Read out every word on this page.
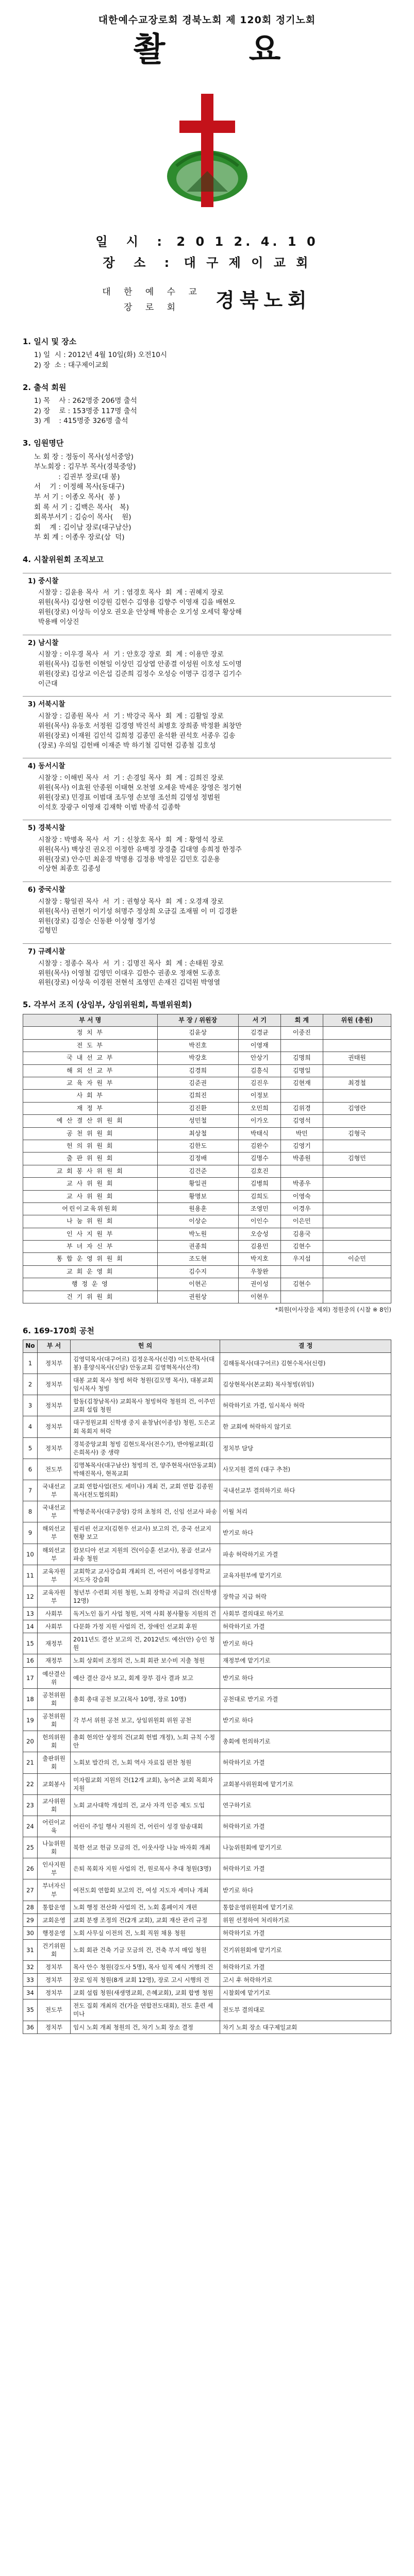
대한예수교장로회 경북노회 제 120회 정기노회
촬 요
일 시 : 2 0 1 2. 4. 1 0
장 소 : 대 구 제 이 교 회
대 한 예 수 교
장 로 회	경북노회
1. 일시 및 장소
1) 일  시 : 2012년 4월 10일(화) 오전10시
2) 장  소 : 대구제이교회
2. 출석 회원
1) 목    사 : 262명중 206명 출석
2) 장    로 : 153명중 117명 출석
3) 계    : 415명중 326명 출석
3. 임원명단
노 회 장 : 정동이 목사(성서중앙)
부노회장 : 김무부 목사(경북중앙)
: 김권부 장로(대 봉)
서    기 : 이정해 목사(동대구)
부 서 기 : 이종오 목사(  봉 )
회 록 서 기 : 김백은 목사(   복)
회록부서기 : 김승이 목사(    원)
회    계 : 김이남 장로(대구남산)
부 회 계 : 이종우 장로(삼  덕)
4. 시찰위원회 조직보고
1) 중시찰
시찰장 : 김윤용 목사  서  기 : 염경호 목사  회  계 : 권혜지 장로
위원(목사) 김상현 이강원 김헌수 김영용 김향주 이영재 김을 배현오
위원(장로) 이상득 이상오 권오윤 안상해 박용순 오기성 오세덕 황상해
박용배 이상진
2) 남시찰
시찰장 : 이우경 목사  서  기 : 안호강 장로  회  계 : 이용만 장로
위원(목사) 김동헌 이현일 이상민 김상엽 안종결 이성원 이호성 도이명
위원(장로) 김상교 이은섭 김준희 김정수 오성승 이명구 김경구 김기수
이근대
3) 서북시찰
시찰장 : 김종원 목사  서  기 : 박강국 목사  회  계 : 김활일 장로
위원(목사) 유동호 서정원 김경영 박진석 최병호 장희종 박정환 최창만
위원(장로) 이재원 김인석 김희정 김종민 윤석환 권석호 서종우 김송
(장로) 우의일 김헌배 이재준 박 하기철 김덕현 김종철 김호성
4) 동서시찰
시찰장 : 이해빈 목사  서  기 : 손경일 목사  회  계 : 김희진 장로
위원(목사) 이효원 안종원 이태현 오천열 오세윤 박세운 장영은 정기현
위원(장로) 민경표 이범대 조두영 손보영 조선희 김영성 정범원
이석호 장광구 이영재 김재학 이범 박종석 김종학
5) 경북시찰
시찰장 : 박병옥 목사  서  기 : 신창호 목사  회  계 : 황영석 장로
위원(목사) 백상진 권오진 이정한 유백정 장경출 김대영 송희정 한정주
위원(장로) 안수민 최윤경 박명용 김정용 박정문 김민호 김운용
이상현 최종호 김종성
6) 중국시찰
시찰장 : 황일권 목사  서  기 : 권형상 목사  회  계 : 오경재 장로
위원(목사) 권현기 이기성 허명주 정상희 오금길 조재필 이 미 김경환
위원(장로) 김정순 신동환 이상형 정기성
김형민
7) 규례시찰
시찰장 : 정종수 목사  서  기 : 김명진 목사  회  계 : 손태원 장로
위원(목사) 이영철 김영민 이대우 김한수 권종오 정재현 도종호
위원(장로) 이상욱 이경원 전현석 조영민 손재진 김덕원 박영열
5. 각부서 조직 (상임부, 상임위원회, 특별위원회)
부 서 명	부 장 / 위원장	서 기	회 계	위원 (총원)
정 치 부	김윤상	김경균	이중진	
전 도 부	박진호	이영재		
국 내 선 교 부	박강호	안상기	김명희	권태원
해 외 선 교 부	김경희	김흥식	김명일	
교 육 자 원 부	김준권	김진우	김현재	최경철
사 회 부	김희진	이정보		
재 정 부	김진환	오민희	김위경	김영란
예 산 결 산 위 원 회	성민철	이가오	김영석	
공 천 위 원 회	최상철	박태식	박민	김형국
헌 의 위 원 회	김한도	김완수	김영기	
출 판 위 원 회	김정배	김명수	박종원	김형민
교 회 봉 사 위 원 회	김건준	김호진		
교 사 위 원 회	황일권	김병희	박종우	
교 사 위 원 회	황명보	김희도	이영숙	
어린이교육위원회	원용훈	조영민	이경우	
나 눔 위 원 회	이상순	이인수	이은민	
인 사 지 원 부	박노원	오승성	김용국	
부 녀 자 신 부	권종희	김용민	김현수	
통 합 운 영 위 원 회	조도현	박지호	우지섭	이순민
교 회 운 영 회	김수지	우창완		
행 정 운 영	이현곤	권이성	김현수	
건 기 위 원 회	권원상	이현우		
*회원(이사장을 제외) 정원중의 (시찰 ※ 8인)
6. 169-170회 공천
No	부 서	헌 의	결 정
1	정치부	김영덕목사(대구어르) 김정운목사(신령) 이도한목사(대봉) 홍양식목사(신당) 안동교회 김영혁목사(산격)	김해동목사(대구어르) 김현수목사(신령)
2	정치부	대봉 교회 목사 청빙 허락 청원(김모명 목사), 대봉교회 임시목사 청빙	김상현목사(본교회) 목사청빙(위임)
3	정치부	합동(김창남목사) 교회목사 청빙허락 청원의 건, 이주민 교회 설립 청원	허락하기로 가결, 임시목사 허락
4	정치부	대구정원교회 신학생 중지 윤창남(이종성) 청원, 도은교회 목회지 허락	한 교회에 허락하지 않기로
5	정치부	경북중앙교회 청빙 김현도목사(전수기), 반야월교회(김은희목사) 중 생략	정치부 담당
6	전도부	김명복목사(대구남산) 청빙의 건, 양주현목사(안동교회) 박해진목사, 현목교회	사모지원 결의 (대구 추천)
7	국내선교부	교회 연합사업(전도 세미나) 개최 건, 교회 연합 김종원 목사(전도협의회)	국내선교부 결의하기로 하다
8	국내선교부	박형준목사(대구중앙) 강의 초청의 건, 신임 선교사 파송	이월 처리
9	해외선교부	필리핀 선교지(김현우 선교사) 보고의 건, 중국 선교지 현황 보고	받기로 하다
10	해외선교부	캄보디아 선교 지원의 건(이승훈 선교사), 몽골 선교사 파송 청원	파송 허락하기로 가결
11	교육자원부	교회학교 교사강습회 개최의 건, 어린이 여름성경학교 지도자 강습회	교육자원부에 맡기기로
12	교육자원부	청년부 수련회 지원 청원, 노회 장학금 지급의 건(신학생 12명)	장학금 지급 허락
13	사회부	독거노인 돕기 사업 청원, 지역 사회 봉사활동 지원의 건	사회부 결의대로 하기로
14	사회부	다문화 가정 지원 사업의 건, 장애인 선교회 후원	허락하기로 가결
15	재정부	2011년도 결산 보고의 건, 2012년도 예산(안) 승인 청원	받기로 하다
16	재정부	노회 상회비 조정의 건, 노회 회관 보수비 지출 청원	재정부에 맡기기로
17	예산결산위	예산 결산 감사 보고, 회계 장부 검사 결과 보고	받기로 하다
18	공천위원회	총회 총대 공천 보고(목사 10명, 장로 10명)	공천대로 받기로 가결
19	공천위원회	각 부서 위원 공천 보고, 상임위원회 위원 공천	받기로 하다
20	헌의위원회	총회 헌의안 상정의 건(교회 헌법 개정), 노회 규칙 수정안	총회에 헌의하기로
21	출판위원회	노회보 발간의 건, 노회 역사 자료집 편찬 청원	허락하기로 가결
22	교회봉사	미자립교회 지원의 건(12개 교회), 농어촌 교회 목회자 지원	교회봉사위원회에 맡기기로
23	교사위원회	노회 교사대학 개설의 건, 교사 자격 인증 제도 도입	연구하기로
24	어린이교육	어린이 주일 행사 지원의 건, 어린이 성경 암송대회	허락하기로 가결
25	나눔위원회	북한 선교 헌금 모금의 건, 이웃사랑 나눔 바자회 개최	나눔위원회에 맡기기로
26	인사지원부	은퇴 목회자 지원 사업의 건, 원로목사 추대 청원(3명)	허락하기로 가결
27	부녀자신부	여전도회 연합회 보고의 건, 여성 지도자 세미나 개최	받기로 하다
28	통합운영	노회 행정 전산화 사업의 건, 노회 홈페이지 개편	통합운영위원회에 맡기기로
29	교회운영	교회 분쟁 조정의 건(2개 교회), 교회 재산 관리 규정	위원 선정하여 처리하기로
30	행정운영	노회 사무실 이전의 건, 노회 직원 채용 청원	허락하기로 가결
31	건기위원회	노회 회관 건축 기금 모금의 건, 건축 부지 매입 청원	건기위원회에 맡기기로
32	정치부	목사 안수 청원(강도사 5명), 목사 임직 예식 거행의 건	허락하기로 가결
33	정치부	장로 임직 청원(8개 교회 12명), 장로 고시 시행의 건	고시 후 허락하기로
34	정치부	교회 설립 청원(새생명교회, 은혜교회), 교회 합병 청원	시찰회에 맡기기로
35	전도부	전도 집회 개최의 건(가을 연합전도대회), 전도 훈련 세미나	전도부 결의대로
36	정치부	임시 노회 개최 청원의 건, 차기 노회 장소 결정	차기 노회 장소 대구제일교회
